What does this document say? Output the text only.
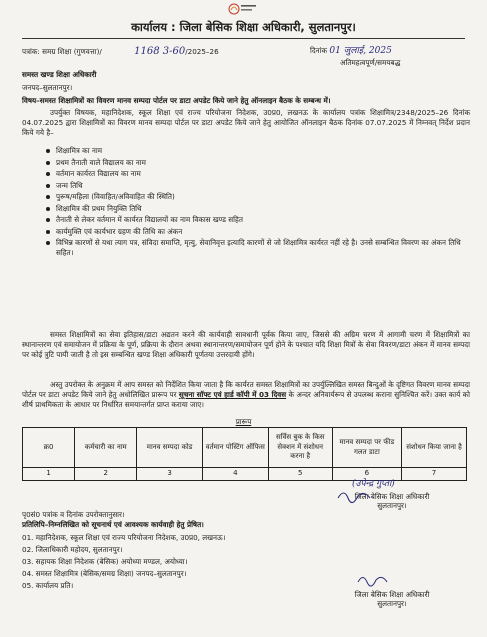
कार्यालय : जिला बेसिक शिक्षा अधिकारी, सुलतानपुर।
पत्रांक: समग्र शिक्षा (गुणवत्ता)/	1168 3-60/2025–26	दिनांक 01 जुलाई, 2025
अतिमहत्वपूर्ण/समयबद्ध
समस्त खण्ड शिक्षा अधिकारी
जनपद–सुलतानपुर।
विषय–समस्त शिक्षामित्रों का विवरण मानव सम्पदा पोर्टल पर डाटा अपडेट किये जाने हेतु ऑनलाइन बैठक के सम्बन्ध में।
उपर्युक्त विषयक, महानिदेशक, स्कूल शिक्षा एवं राज्य परियोजना निदेशक, उ0प्र0, लखनऊ के कार्यालय पत्रांक शिक्षामित्र/2348/2025–26 दिनांक 04.07.2025 द्वारा शिक्षामित्रों का विवरण मानव सम्पदा पोर्टल पर डाटा अपडेट किये जाने हेतु आयोजित ऑनलाइन बैठक दिनांक 07.07.2025 में निम्नवत् निर्देश प्रदान किये गये है–
शिक्षामित्र का नाम
प्रथम तैनाती वाले विद्यालय का नाम
वर्तमान कार्यरत विद्यालय का नाम
जन्म तिथि
पुरूष/महिला (विवाहित/अविवाहित की स्थिति)
शिक्षामित्र की प्रथम नियुक्ति तिथि
तैनाती से लेकर वर्तमान में कार्यरत विद्यालयों का नाम विकास खण्ड सहित
कार्यमुक्ति एवं कार्यभार ग्रहण की तिथि का अंकन
विभिन्न कारणों से यथा त्याग पत्र, संविदा समाप्ति, मृत्यु, सेवानिवृत्त इत्यादि कारणों से जो शिक्षामित्र कार्यरत नहीं रहे है। उनसे सम्बन्धित विवरण का अंकन तिथि सहित।
समस्त शिक्षामित्रों का सेवा इतिहास/डाटा अद्यतन करने की कार्यवाही सावधानी पूर्वक किया जाए, जिससे की अग्रिम चरण में आगामी चरण में शिक्षामित्रों का स्थानान्तरण एवं समायोजन में प्रक्रिया के पूर्ण, प्रक्रिया के दौरान अथवा स्थानान्तरण/समायोजन पूर्ण होने के पश्चात यदि शिक्षा मित्रों के सेवा विवरण/डाटा अंकन में मानव सम्पदा पर कोई त्रुटि पायी जाती है तो इस सम्बन्धित खण्ड शिक्षा अधिकारी पूर्णतया उत्तरदायी होंगे।
अस्तु उपरोक्त के अनुक्रम में आप समस्त को निर्देशित किया जाता है कि कार्यरत समस्त शिक्षामित्रों का उपर्युल्लिखित समस्त बिन्दुओं के दृष्टिगत विवरण मानव सम्पदा पोर्टल पर डाटा अपडेट किये जाने हेतु अधोलिखित प्रारूप पर सूचना सॉफ्ट एवं हार्ड कॉपी में 03 दिवस के अन्दर अनिवार्यरूप से उपलब्ध कराना सुनिश्चित करें। उक्त कार्य को शीर्ष प्राथमिकता के आधार पर निर्धारित समयान्तर्गत प्राप्त कराया जाए।
प्रारूप
क्र0	कर्मचारी का नाम	मानव सम्पदा कोड	वर्तमान पोस्टिंग ऑफिस	सर्विस बुक के किस सेक्शन में संशोधन करना है	मानव सम्पदा पर फीड गलत डाटा	संशोधन किया जाना है
1	2	3	4	5	6	7
(उपेन्द्र गुप्ता)
जिला बेसिक शिक्षा अधिकारी
सुलतानपुर।
पृ0सं0 पत्रांक व दिनांक उपरोक्तानुसार।
प्रतिलिपि–निम्नलिखित को सूचनार्थ एवं आवश्यक कार्यवाही हेतु प्रेषित।
01. महानिदेशक, स्कूल शिक्षा एवं राज्य परियोजना निदेशक, उ0प्र0, लखनऊ।
02. जिलाधिकारी महोदय, सुलतानपुर।
03. सहायक शिक्षा निदेशक (बेसिक) अयोध्या मण्डल, अयोध्या।
04. समस्त शिक्षामित्र (बेसिक/समग्र शिक्षा) जनपद–सुलतानपुर।
05. कार्यालय प्रति।
जिला बेसिक शिक्षा अधिकारी
सुलतानपुर।
